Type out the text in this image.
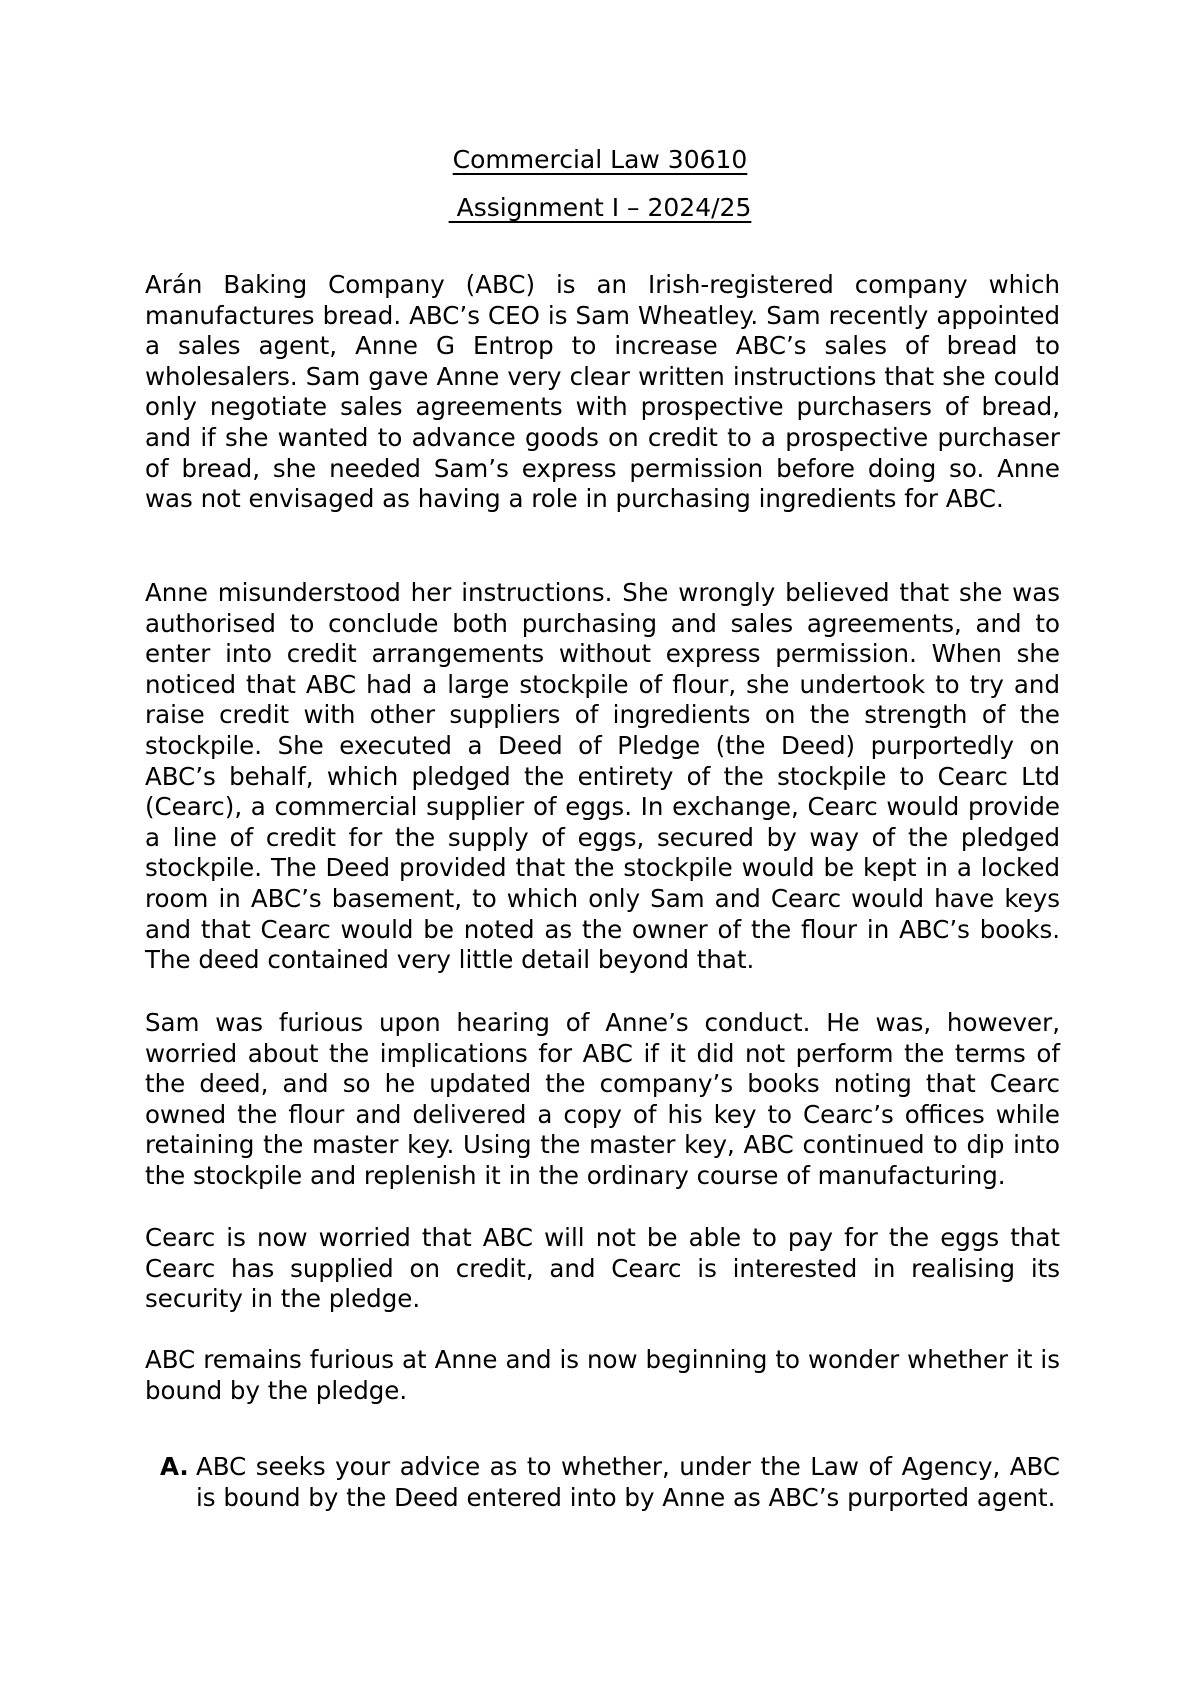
Commercial Law 30610
Assignment I – 2024/25

Arán Baking Company (ABC) is an Irish-registered company which manufactures bread. ABC’s CEO is Sam Wheatley. Sam recently appointed a sales agent, Anne G Entrop to increase ABC’s sales of bread to wholesalers. Sam gave Anne very clear written instructions that she could only negotiate sales agreements with prospective purchasers of bread, and if she wanted to advance goods on credit to a prospective purchaser of bread, she needed Sam’s express permission before doing so. Anne was not envisaged as having a role in purchasing ingredients for ABC.

Anne misunderstood her instructions. She wrongly believed that she was authorised to conclude both purchasing and sales agreements, and to enter into credit arrangements without express permission. When she noticed that ABC had a large stockpile of flour, she undertook to try and raise credit with other suppliers of ingredients on the strength of the stockpile. She executed a Deed of Pledge (the Deed) purportedly on ABC’s behalf, which pledged the entirety of the stockpile to Cearc Ltd (Cearc), a commercial supplier of eggs. In exchange, Cearc would provide a line of credit for the supply of eggs, secured by way of the pledged stockpile. The Deed provided that the stockpile would be kept in a locked room in ABC’s basement, to which only Sam and Cearc would have keys and that Cearc would be noted as the owner of the flour in ABC’s books. The deed contained very little detail beyond that.

Sam was furious upon hearing of Anne’s conduct. He was, however, worried about the implications for ABC if it did not perform the terms of the deed, and so he updated the company’s books noting that Cearc owned the flour and delivered a copy of his key to Cearc’s offices while retaining the master key. Using the master key, ABC continued to dip into the stockpile and replenish it in the ordinary course of manufacturing.

Cearc is now worried that ABC will not be able to pay for the eggs that Cearc has supplied on credit, and Cearc is interested in realising its security in the pledge.

ABC remains furious at Anne and is now beginning to wonder whether it is bound by the pledge.

A. ABC seeks your advice as to whether, under the Law of Agency, ABC is bound by the Deed entered into by Anne as ABC’s purported agent.
